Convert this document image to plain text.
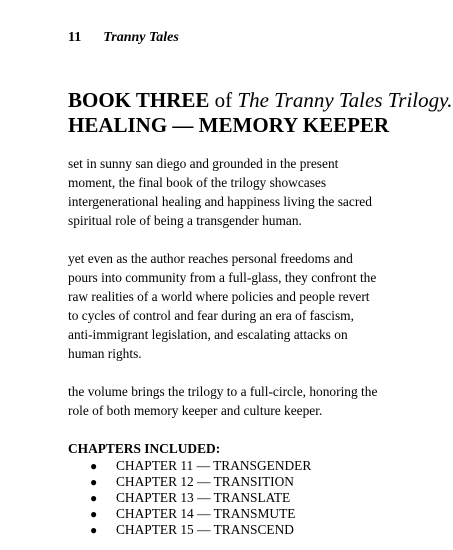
11 Tranny Tales
BOOK THREE of The Tranny Tales Trilogy.
HEALING — MEMORY KEEPER

set in sunny san diego and grounded in the present moment, the final book of the trilogy showcases intergenerational healing and happiness living the sacred spiritual role of being a transgender human.

yet even as the author reaches personal freedoms and pours into community from a full-glass, they confront the raw realities of a world where policies and people revert to cycles of control and fear during an era of fascism, anti-immigrant legislation, and escalating attacks on human rights.

the volume brings the trilogy to a full-circle, honoring the role of both memory keeper and culture keeper.

CHAPTERS INCLUDED:
● CHAPTER 11 — TRANSGENDER
● CHAPTER 12 — TRANSITION
● CHAPTER 13 — TRANSLATE
● CHAPTER 14 — TRANSMUTE
● CHAPTER 15 — TRANSCEND
